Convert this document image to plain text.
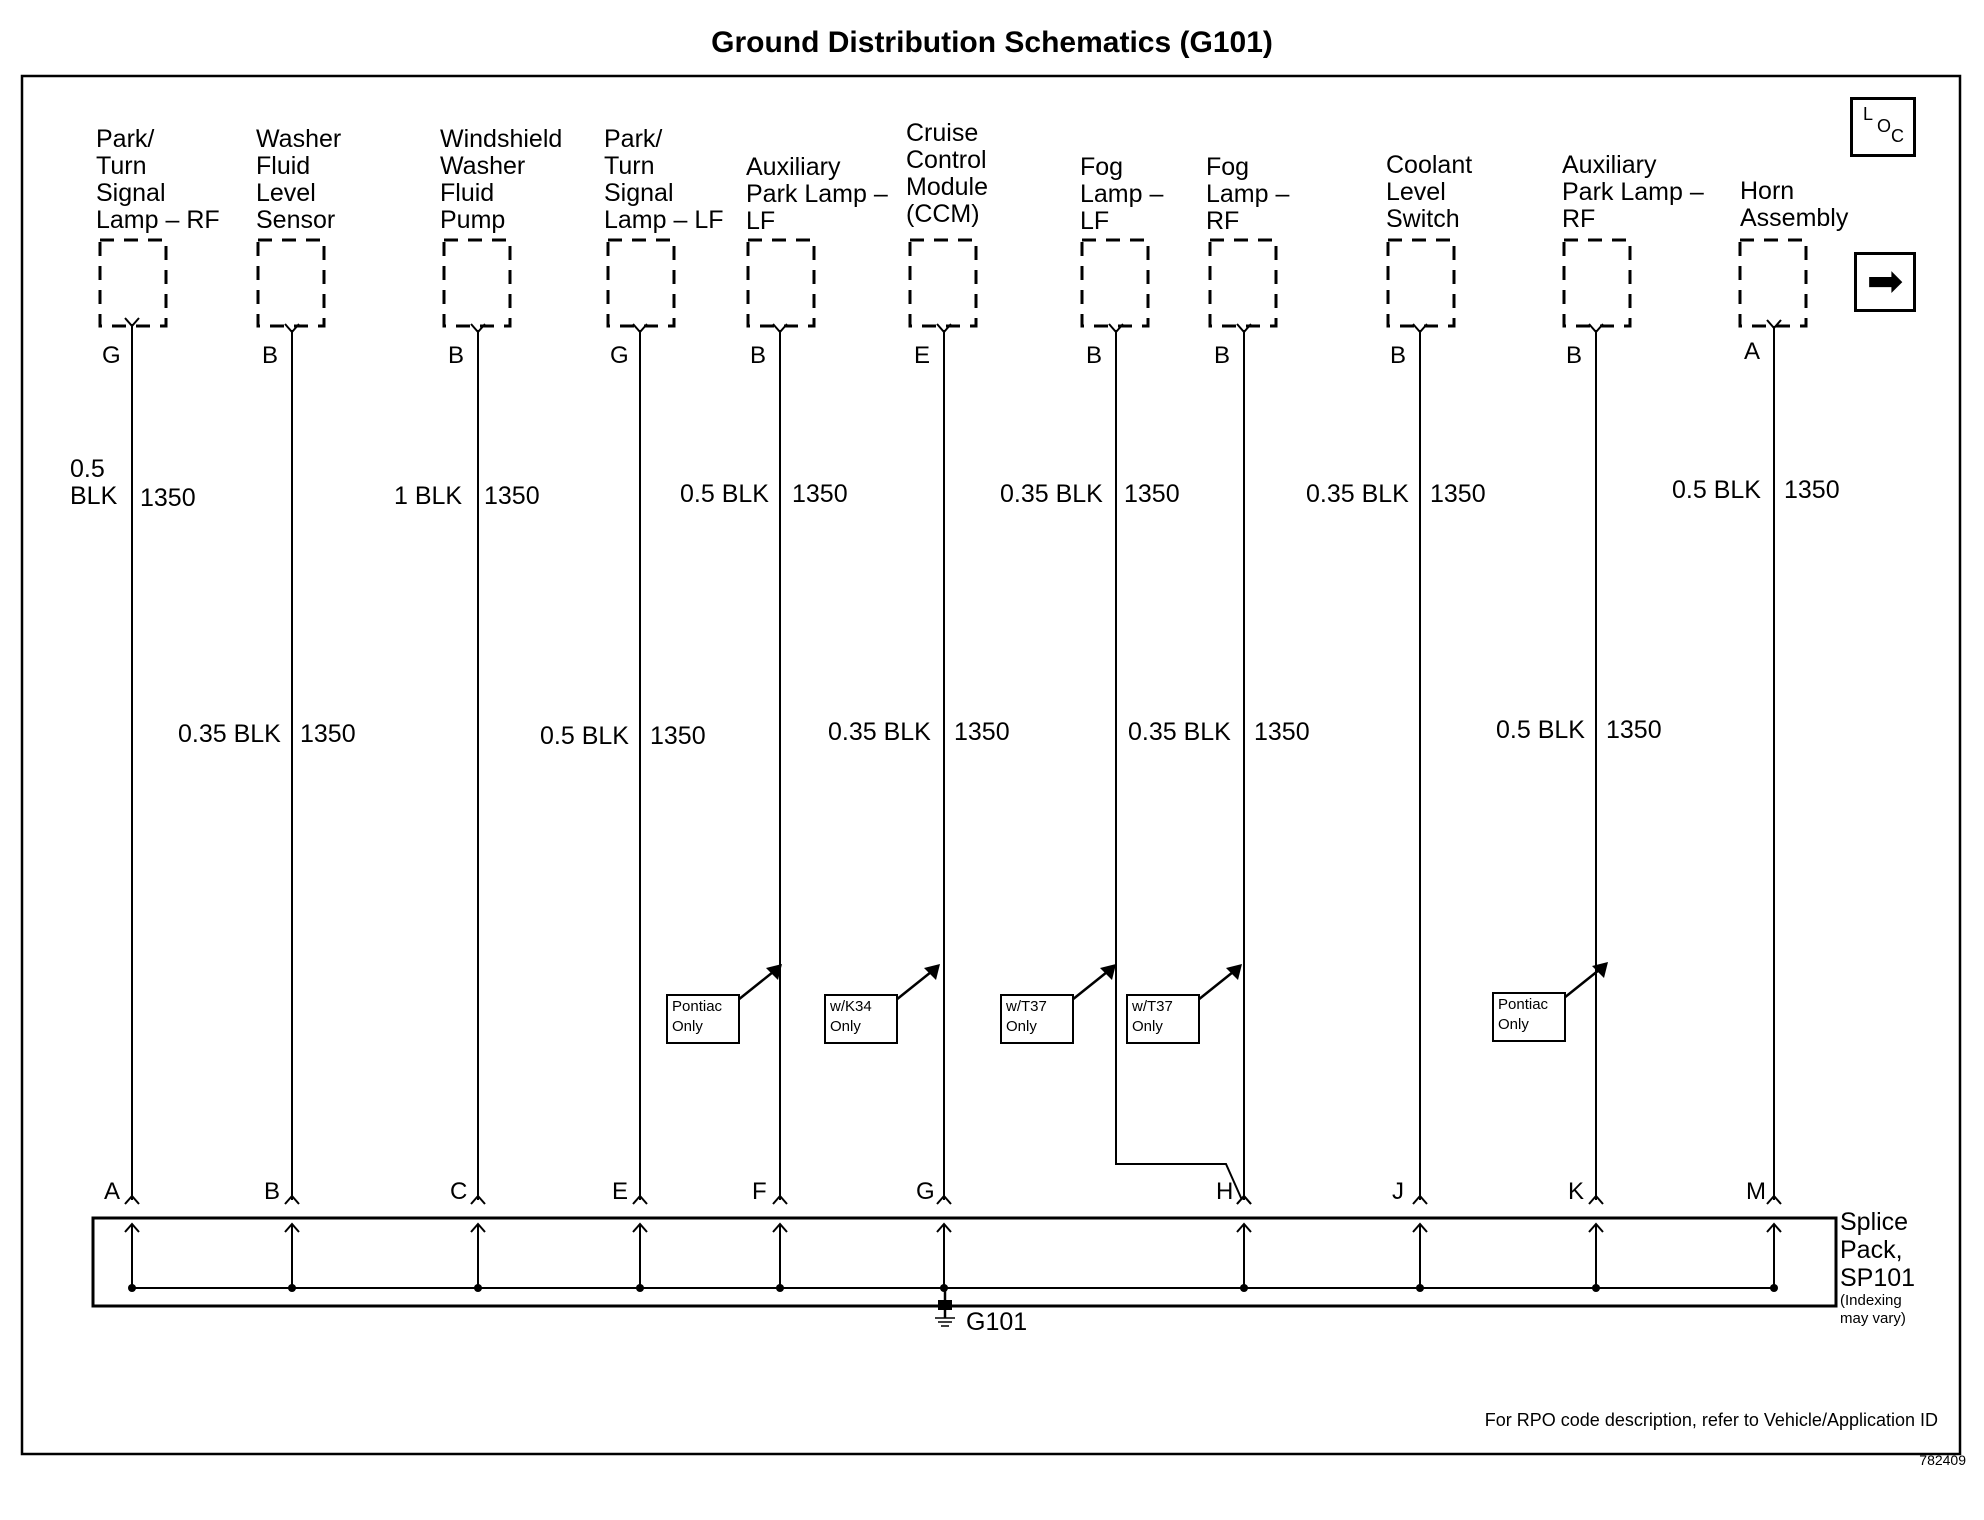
Ground Distribution Schematics (G101)
Park/
Turn
Signal
Lamp – RF
G
0.5
BLK 1350
A
Washer
Fluid
Level
Sensor
B
0.35 BLK 1350
B
Windshield
Washer
Fluid
Pump
B
1 BLK 1350
C
Park/
Turn
Signal
Lamp – LF
G
0.5 BLK 1350
E
Auxiliary
Park Lamp –
LF
B
0.5 BLK 1350
F
Pontiac
Only
Cruise
Control
Module
(CCM)
E
0.35 BLK 1350
G
w/K34
Only
Fog
Lamp –
LF
B
0.35 BLK 1350
w/T37
Only
Fog
Lamp –
RF
B
0.35 BLK 1350
H
w/T37
Only
Coolant
Level
Switch
B
0.35 BLK 1350
J
Auxiliary
Park Lamp –
RF
B
0.5 BLK 1350
K
Pontiac
Only
Horn
Assembly
A
0.5 BLK 1350
M
L
O C
➡
Splice
Pack,
SP101
(Indexing
may vary)
G101
For RPO code description, refer to Vehicle/Application ID
782409
